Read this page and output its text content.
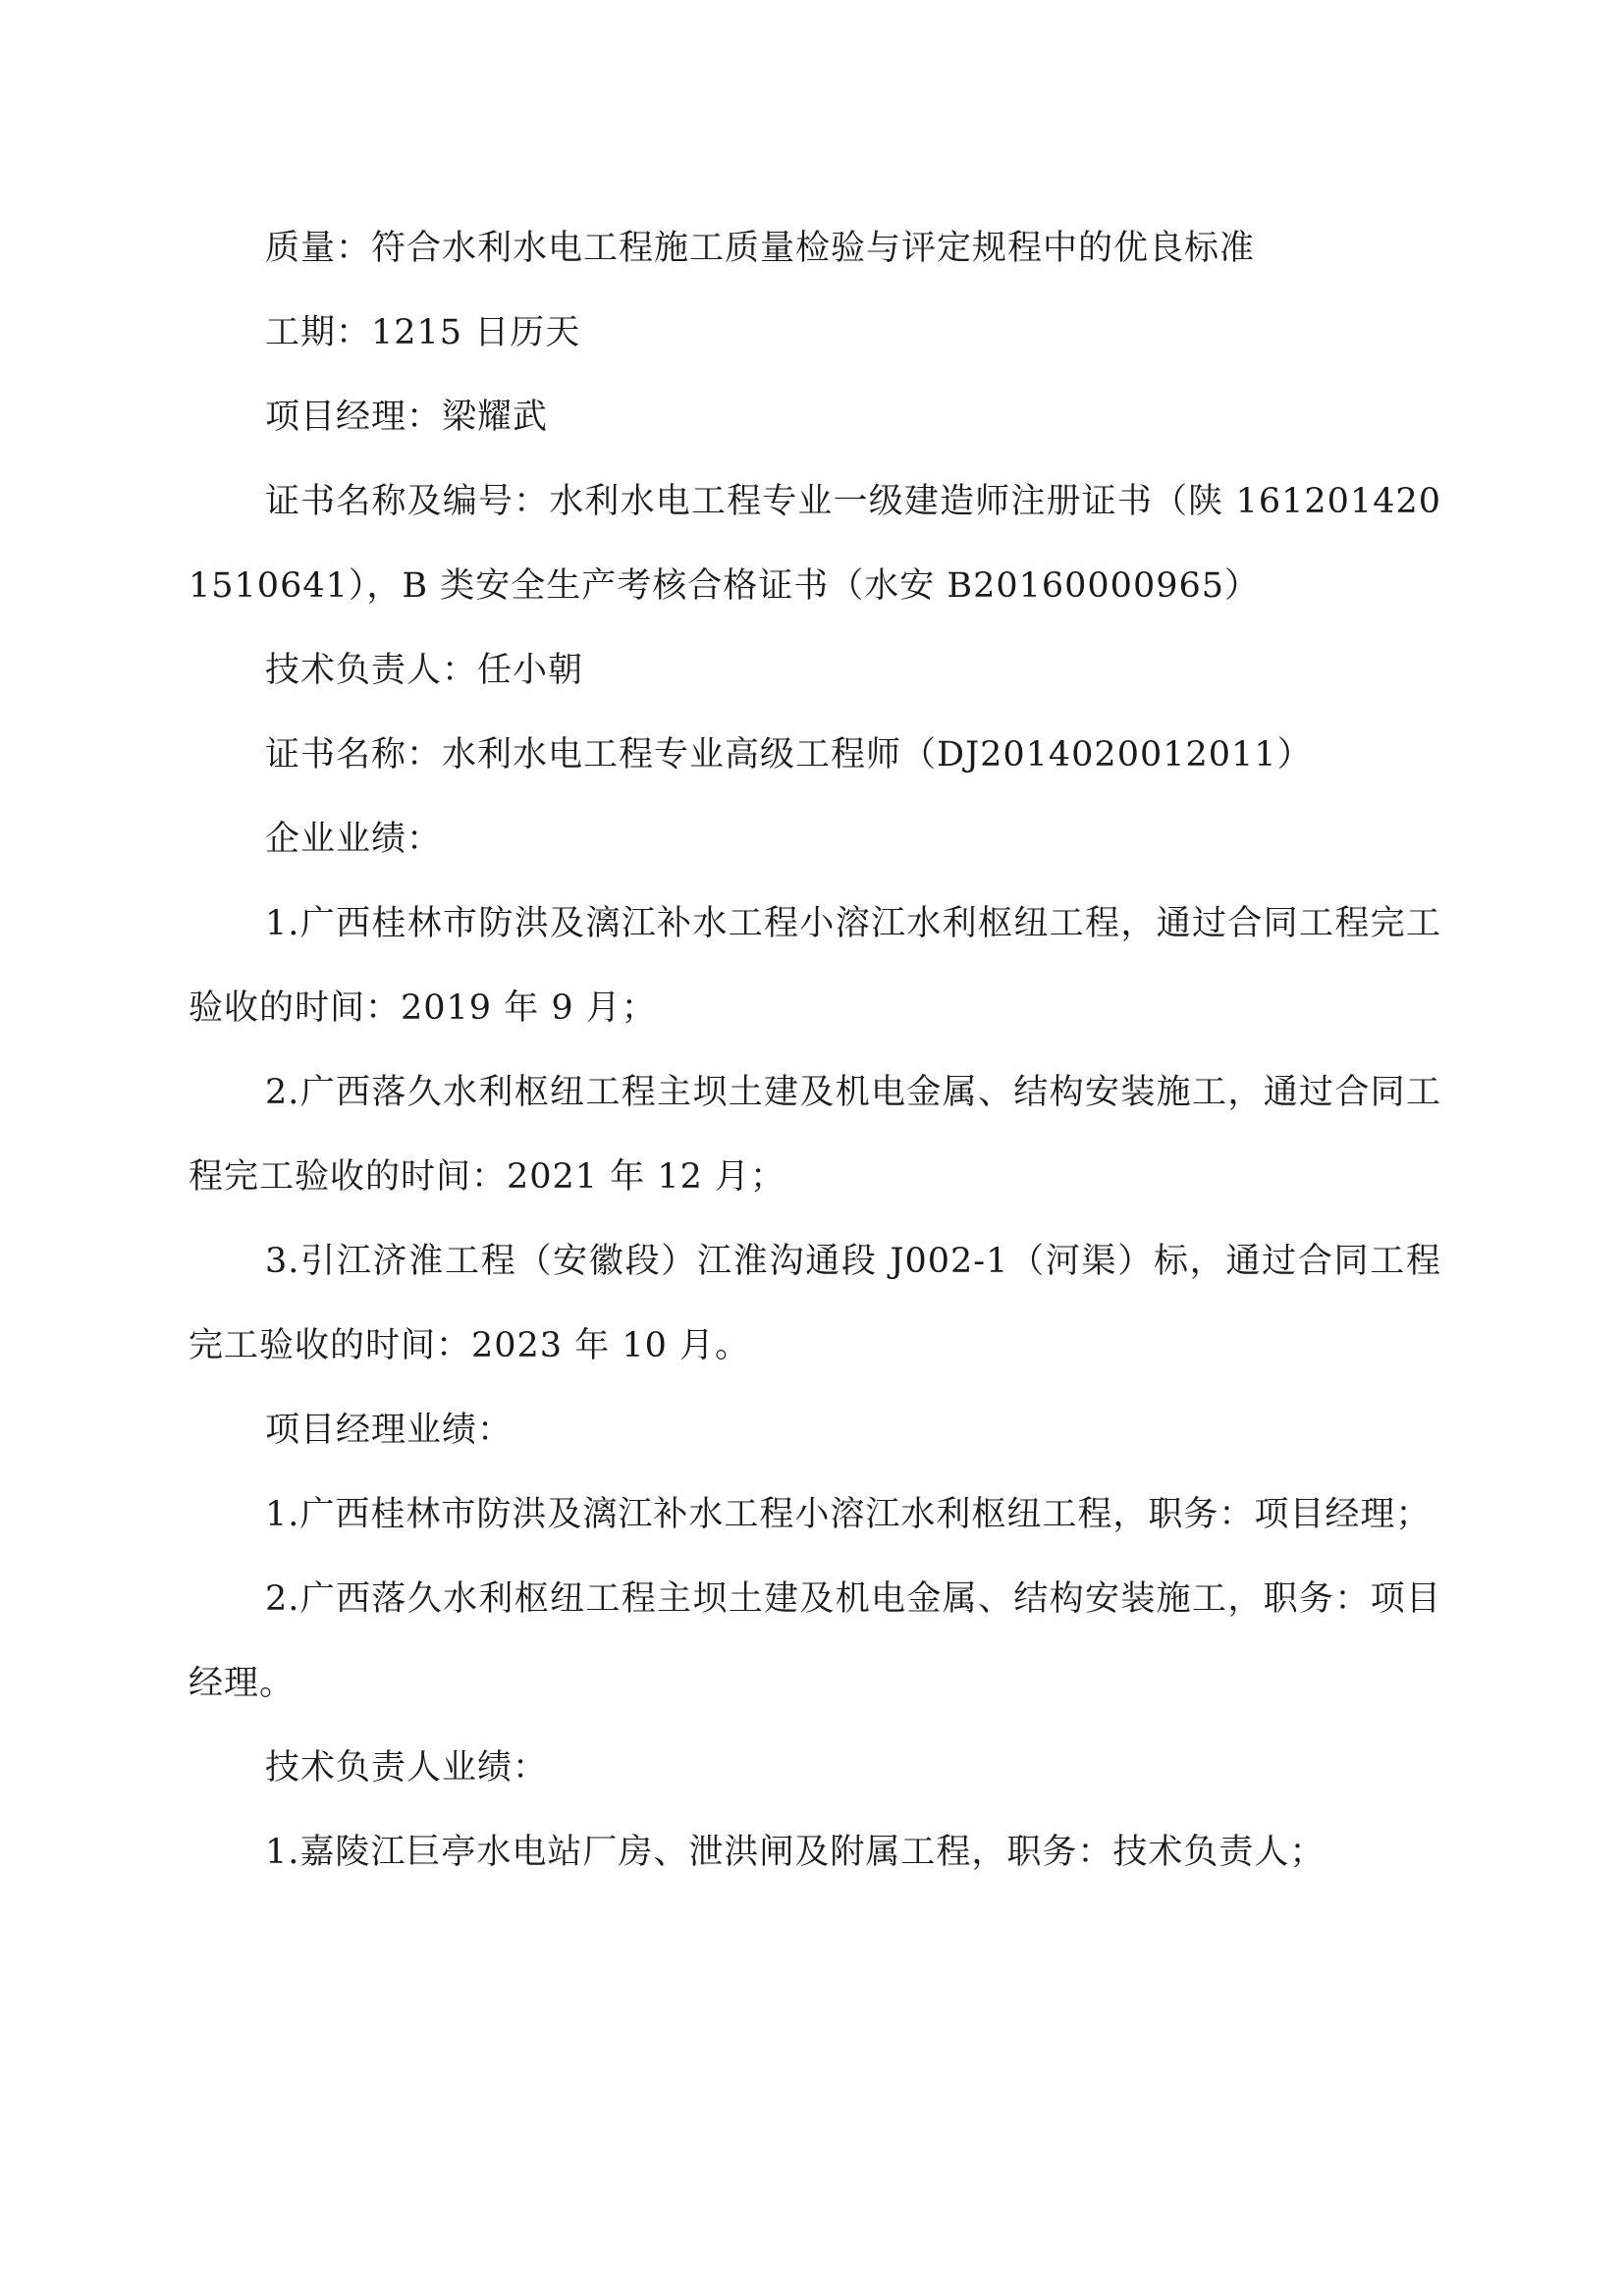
质量：符合水利水电工程施工质量检验与评定规程中的优良标准

工期：1215 日历天

项目经理：梁耀武

证书名称及编号：水利水电工程专业一级建造师注册证书（陕 1612014201510641），B 类安全生产考核合格证书（水安 B20160000965）

技术负责人：任小朝

证书名称：水利水电工程专业高级工程师（DJ2014020012011）

企业业绩：

1.广西桂林市防洪及漓江补水工程小溶江水利枢纽工程，通过合同工程完工验收的时间：2019 年 9 月；

2.广西落久水利枢纽工程主坝土建及机电金属、结构安装施工，通过合同工程完工验收的时间：2021 年 12 月；

3.引江济淮工程（安徽段）江淮沟通段 J002-1（河渠）标，通过合同工程完工验收的时间：2023 年 10 月。

项目经理业绩：

1.广西桂林市防洪及漓江补水工程小溶江水利枢纽工程，职务：项目经理；

2.广西落久水利枢纽工程主坝土建及机电金属、结构安装施工，职务：项目经理。

技术负责人业绩：

1.嘉陵江巨亭水电站厂房、泄洪闸及附属工程，职务：技术负责人；
